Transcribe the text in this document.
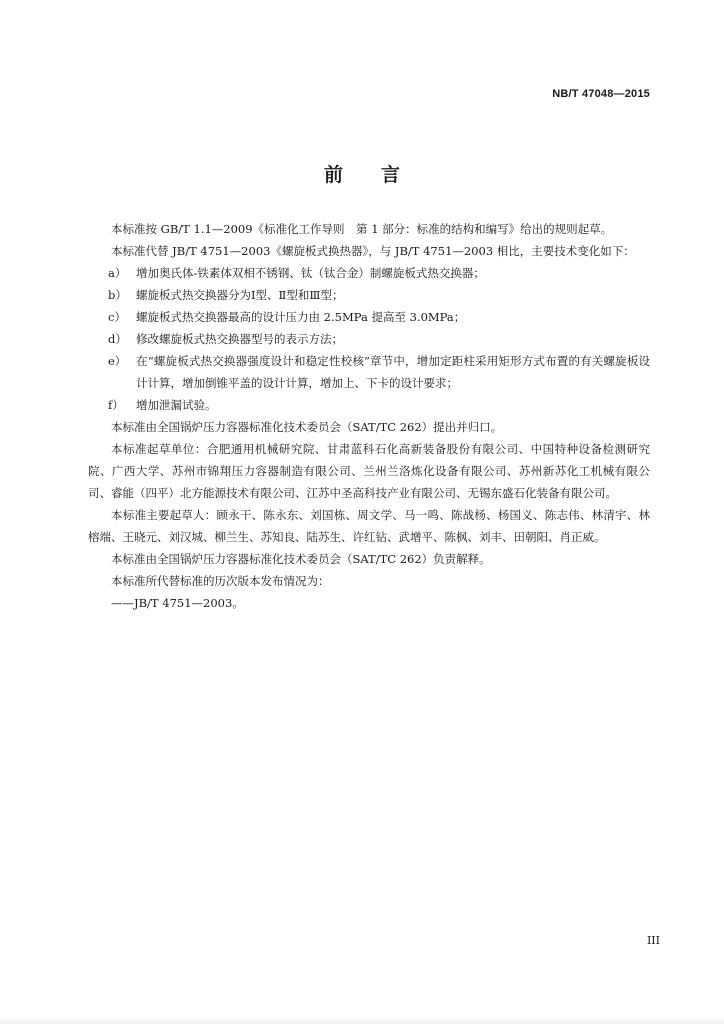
NB/T 47048—2015
前言

本标准按 GB/T 1.1—2009《标准化工作导则　第 1 部分：标准的结构和编写》给出的规则起草。

本标准代替 JB/T 4751—2003《螺旋板式换热器》，与 JB/T 4751—2003 相比，主要技术变化如下：

a） 增加奥氏体-铁素体双相不锈钢、钛（钛合金）制螺旋板式热交换器；

b） 螺旋板式热交换器分为Ⅰ型、Ⅱ型和Ⅲ型；

c） 螺旋板式热交换器最高的设计压力由 2.5MPa 提高至 3.0MPa；

d） 修改螺旋板式热交换器型号的表示方法；

e） 在“螺旋板式热交换器强度设计和稳定性校核”章节中，增加定距柱采用矩形方式布置的有关螺旋板设计计算，增加倒锥平盖的设计计算，增加上、下卡的设计要求；

f） 增加泄漏试验。

本标准由全国锅炉压力容器标准化技术委员会（SAT/TC 262）提出并归口。

本标准起草单位：合肥通用机械研究院、甘肃蓝科石化高新装备股份有限公司、中国特种设备检测研究院、广西大学、苏州市锦翔压力容器制造有限公司、兰州兰洛炼化设备有限公司、苏州新苏化工机械有限公司、睿能（四平）北方能源技术有限公司、江苏中圣高科技产业有限公司、无锡东盛石化装备有限公司。

本标准主要起草人：顾永干、陈永东、刘国栋、周文学、马一鸣、陈战杨、杨国义、陈志伟、林清宇、林榕端、王晓元、刘汉城、柳兰生、苏知良、陆苏生、许红钻、武增平、陈枫、刘丰、田朝阳、肖正威。

本标准由全国锅炉压力容器标准化技术委员会（SAT/TC 262）负责解释。

本标准所代替标准的历次版本发布情况为：

——JB/T 4751—2003。

III
